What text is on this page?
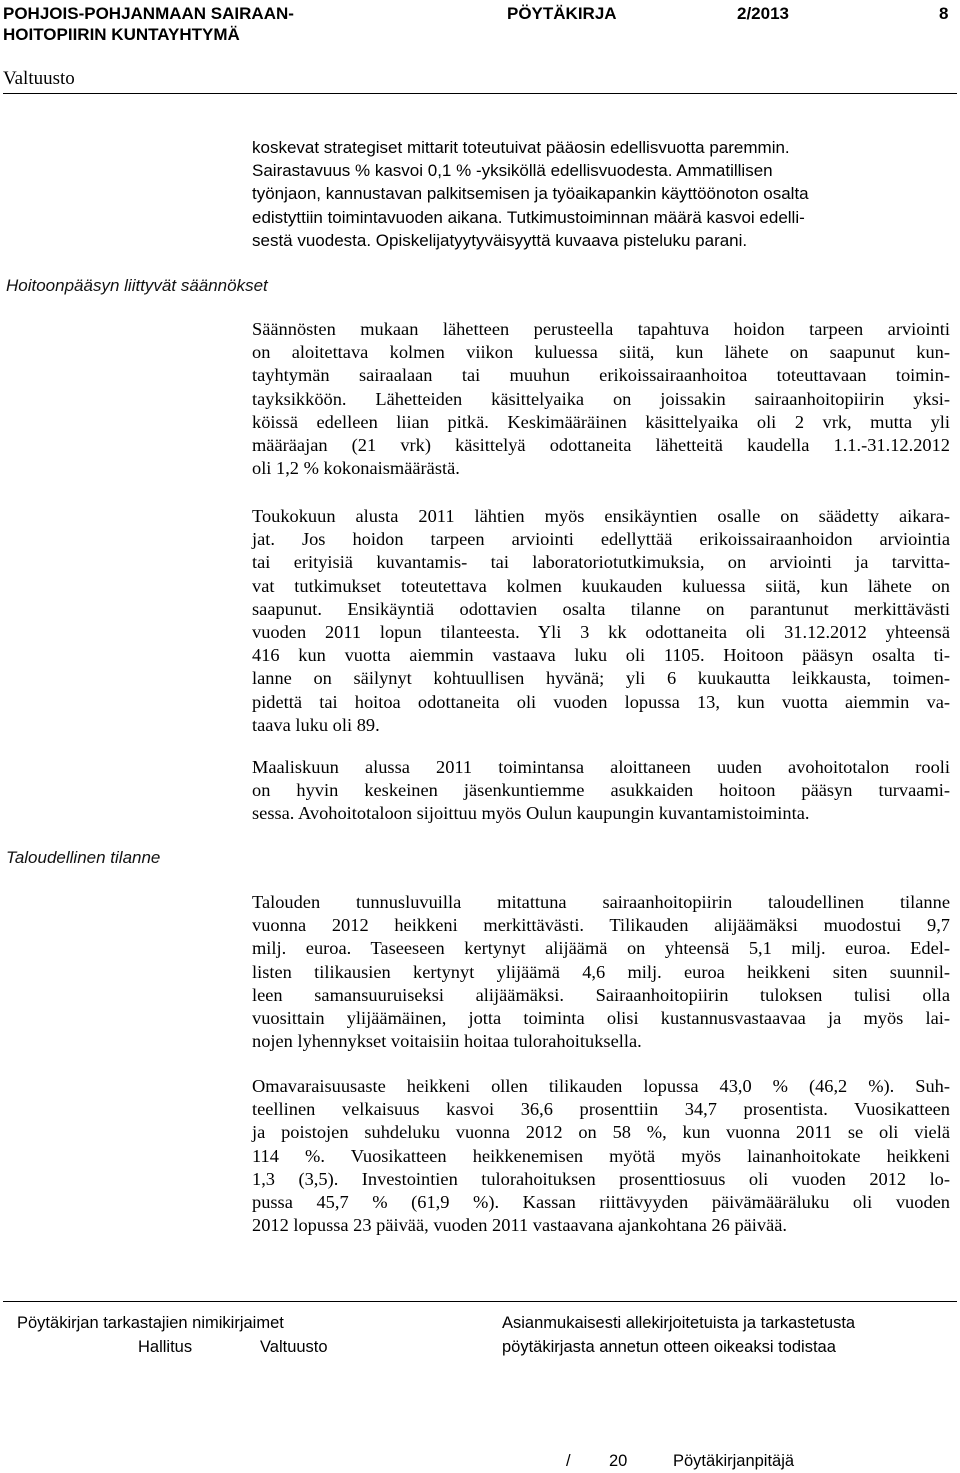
POHJOIS-POHJANMAAN SAIRAAN-
HOITOPIIRIN KUNTAYHTYMÄ
PÖYTÄKIRJA	2/2013	8
Valtuusto
Hoitoonpääsyn liittyvät säännökset
Taloudellinen tilanne
koskevat strategiset mittarit toteutuivat pääosin edellisvuotta paremmin.
Sairastavuus % kasvoi 0,1 % -yksiköllä edellisvuodesta. Ammatillisen
työnjaon, kannustavan palkitsemisen ja työaikapankin käyttöönoton osalta
edistyttiin toimintavuoden aikana. Tutkimustoiminnan määrä kasvoi edelli-
sestä vuodesta. Opiskelijatyytyväisyyttä kuvaava pisteluku parani.
Säännösten mukaan lähetteen perusteella tapahtuva hoidon tarpeen arviointi
on aloitettava kolmen viikon kuluessa siitä, kun lähete on saapunut kun-
tayhtymän sairaalaan tai muuhun erikoissairaanhoitoa toteuttavaan toimin-
tayksikköön. Lähetteiden käsittelyaika on joissakin sairaanhoitopiirin yksi-
köissä edelleen liian pitkä. Keskimääräinen käsittelyaika oli 2 vrk, mutta yli
määräajan (21 vrk) käsittelyä odottaneita lähetteitä kaudella 1.1.-31.12.2012
oli 1,2 % kokonaismäärästä.
Toukokuun alusta 2011 lähtien myös ensikäyntien osalle on säädetty aikara-
jat. Jos hoidon tarpeen arviointi edellyttää erikoissairaanhoidon arviointia
tai erityisiä kuvantamis- tai laboratoriotutkimuksia, on arviointi ja tarvitta-
vat tutkimukset toteutettava kolmen kuukauden kuluessa siitä, kun lähete on
saapunut. Ensikäyntiä odottavien osalta tilanne on parantunut merkittävästi
vuoden 2011 lopun tilanteesta. Yli 3 kk odottaneita oli 31.12.2012 yhteensä
416 kun vuotta aiemmin vastaava luku oli 1105. Hoitoon pääsyn osalta ti-
lanne on säilynyt kohtuullisen hyvänä; yli 6 kuukautta leikkausta, toimen-
pidettä tai hoitoa odottaneita oli vuoden lopussa 13, kun vuotta aiemmin va-
taava luku oli 89.
Maaliskuun alussa 2011 toimintansa aloittaneen uuden avohoitotalon rooli
on hyvin keskeinen jäsenkuntiemme asukkaiden hoitoon pääsyn turvaami-
sessa. Avohoitotaloon sijoittuu myös Oulun kaupungin kuvantamistoiminta.
Talouden tunnusluvuilla mitattuna sairaanhoitopiirin taloudellinen tilanne
vuonna 2012 heikkeni merkittävästi. Tilikauden alijäämäksi muodostui 9,7
milj. euroa. Taseeseen kertynyt alijäämä on yhteensä 5,1 milj. euroa. Edel-
listen tilikausien kertynyt ylijäämä 4,6 milj. euroa heikkeni siten suunnil-
leen samansuuruiseksi alijäämäksi. Sairaanhoitopiirin tuloksen tulisi olla
vuosittain ylijäämäinen, jotta toiminta olisi kustannusvastaavaa ja myös lai-
nojen lyhennykset voitaisiin hoitaa tulorahoituksella.
Omavaraisuusaste heikkeni ollen tilikauden lopussa 43,0 % (46,2 %). Suh-
teellinen velkaisuus kasvoi 36,6 prosenttiin 34,7 prosentista. Vuosikatteen
ja poistojen suhdeluku vuonna 2012 on 58 %, kun vuonna 2011 se oli vielä
114 %. Vuosikatteen heikkenemisen myötä myös lainanhoitokate heikkeni
1,3 (3,5). Investointien tulorahoituksen prosenttiosuus oli vuoden 2012 lo-
pussa 45,7 % (61,9 %). Kassan riittävyyden päivämääräluku oli vuoden
2012 lopussa 23 päivää, vuoden 2011 vastaavana ajankohtana 26 päivää.
Pöytäkirjan tarkastajien nimikirjaimet
Hallitus	Valtuusto
Asianmukaisesti allekirjoitetuista ja tarkastetusta
pöytäkirjasta annetun otteen oikeaksi todistaa
/ 20	Pöytäkirjanpitäjä
